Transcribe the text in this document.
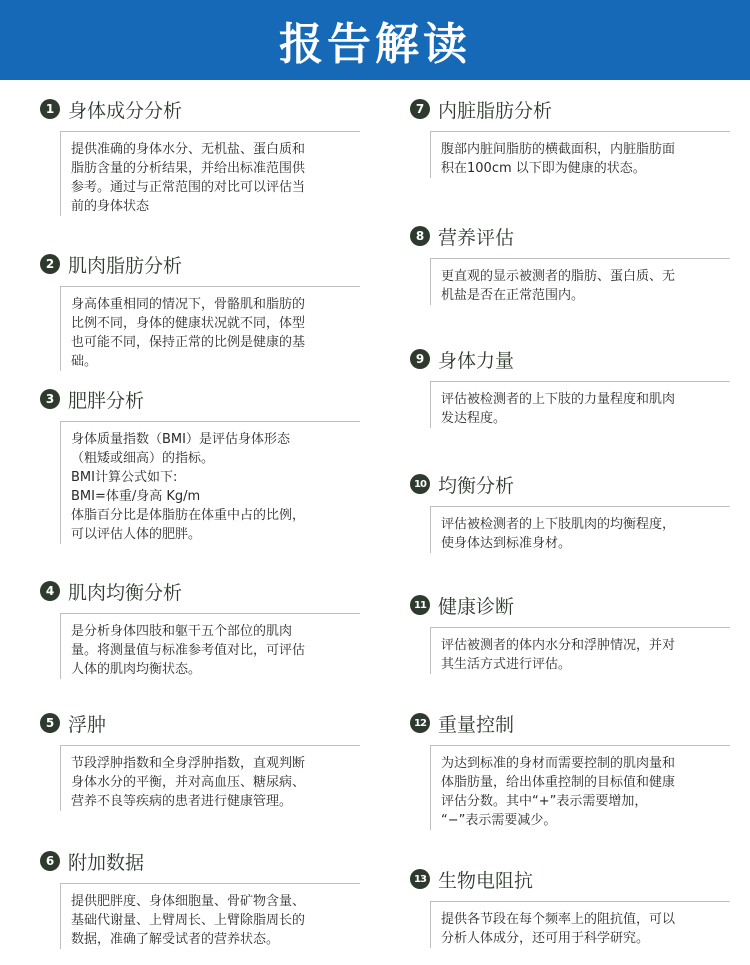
报告解读
1 身体成分分析
提供准确的身体水分、无机盐、蛋白质和
脂肪含量的分析结果，并给出标准范围供
参考。通过与正常范围的对比可以评估当
前的身体状态
2 肌肉脂肪分析
身高体重相同的情况下，骨骼肌和脂肪的
比例不同，身体的健康状况就不同，体型
也可能不同，保持正常的比例是健康的基
础。
3 肥胖分析
身体质量指数（BMI）是评估身体形态
（粗矮或细高）的指标。
BMI计算公式如下:
BMI=体重/身高 Kg/m
体脂百分比是体脂肪在体重中占的比例，
可以评估人体的肥胖。
4 肌肉均衡分析
是分析身体四肢和躯干五个部位的肌肉
量。将测量值与标准参考值对比，可评估
人体的肌肉均衡状态。
5 浮肿
节段浮肿指数和全身浮肿指数，直观判断
身体水分的平衡，并对高血压、糖尿病、
营养不良等疾病的患者进行健康管理。
6 附加数据
提供肥胖度、身体细胞量、骨矿物含量、
基础代谢量、上臂周长、上臂除脂周长的
数据，准确了解受试者的营养状态。
7 内脏脂肪分析
腹部内脏间脂肪的横截面积，内脏脂肪面
积在100cm 以下即为健康的状态。
8 营养评估
更直观的显示被测者的脂肪、蛋白质、无
机盐是否在正常范围内。
9 身体力量
评估被检测者的上下肢的力量程度和肌肉
发达程度。
10 均衡分析
评估被检测者的上下肢肌肉的均衡程度，
使身体达到标准身材。
11 健康诊断
评估被测者的体内水分和浮肿情况，并对
其生活方式进行评估。
12 重量控制
为达到标准的身材而需要控制的肌肉量和
体脂肪量，给出体重控制的目标值和健康
评估分数。其中“+”表示需要增加，
“−”表示需要减少。
13 生物电阻抗
提供各节段在每个频率上的阻抗值，可以
分析人体成分，还可用于科学研究。
